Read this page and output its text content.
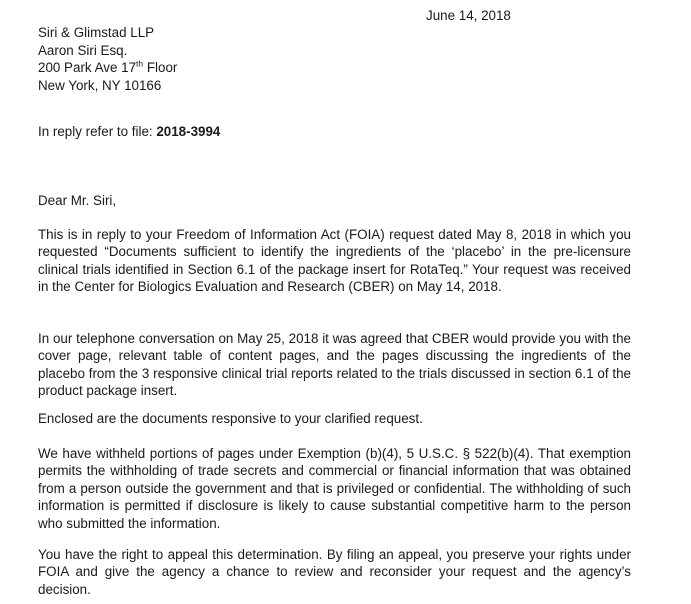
June 14, 2018
Siri & Glimstad LLP
Aaron Siri Esq.
200 Park Ave 17th Floor
New York, NY 10166
In reply refer to file: 2018-3994
Dear Mr. Siri,
This is in reply to your Freedom of Information Act (FOIA) request dated May 8, 2018 in which you requested “Documents sufficient to identify the ingredients of the ‘placebo’ in the pre-licensure clinical trials identified in Section 6.1 of the package insert for RotaTeq.” Your request was received in the Center for Biologics Evaluation and Research (CBER) on May 14, 2018.
In our telephone conversation on May 25, 2018 it was agreed that CBER would provide you with the cover page, relevant table of content pages, and the pages discussing the ingredients of the placebo from the 3 responsive clinical trial reports related to the trials discussed in section 6.1 of the product package insert.
Enclosed are the documents responsive to your clarified request.
We have withheld portions of pages under Exemption (b)(4), 5 U.S.C. § 522(b)(4). That exemption permits the withholding of trade secrets and commercial or financial information that was obtained from a person outside the government and that is privileged or confidential. The withholding of such information is permitted if disclosure is likely to cause substantial competitive harm to the person who submitted the information.
You have the right to appeal this determination. By filing an appeal, you preserve your rights under FOIA and give the agency a chance to review and reconsider your request and the agency’s decision.
